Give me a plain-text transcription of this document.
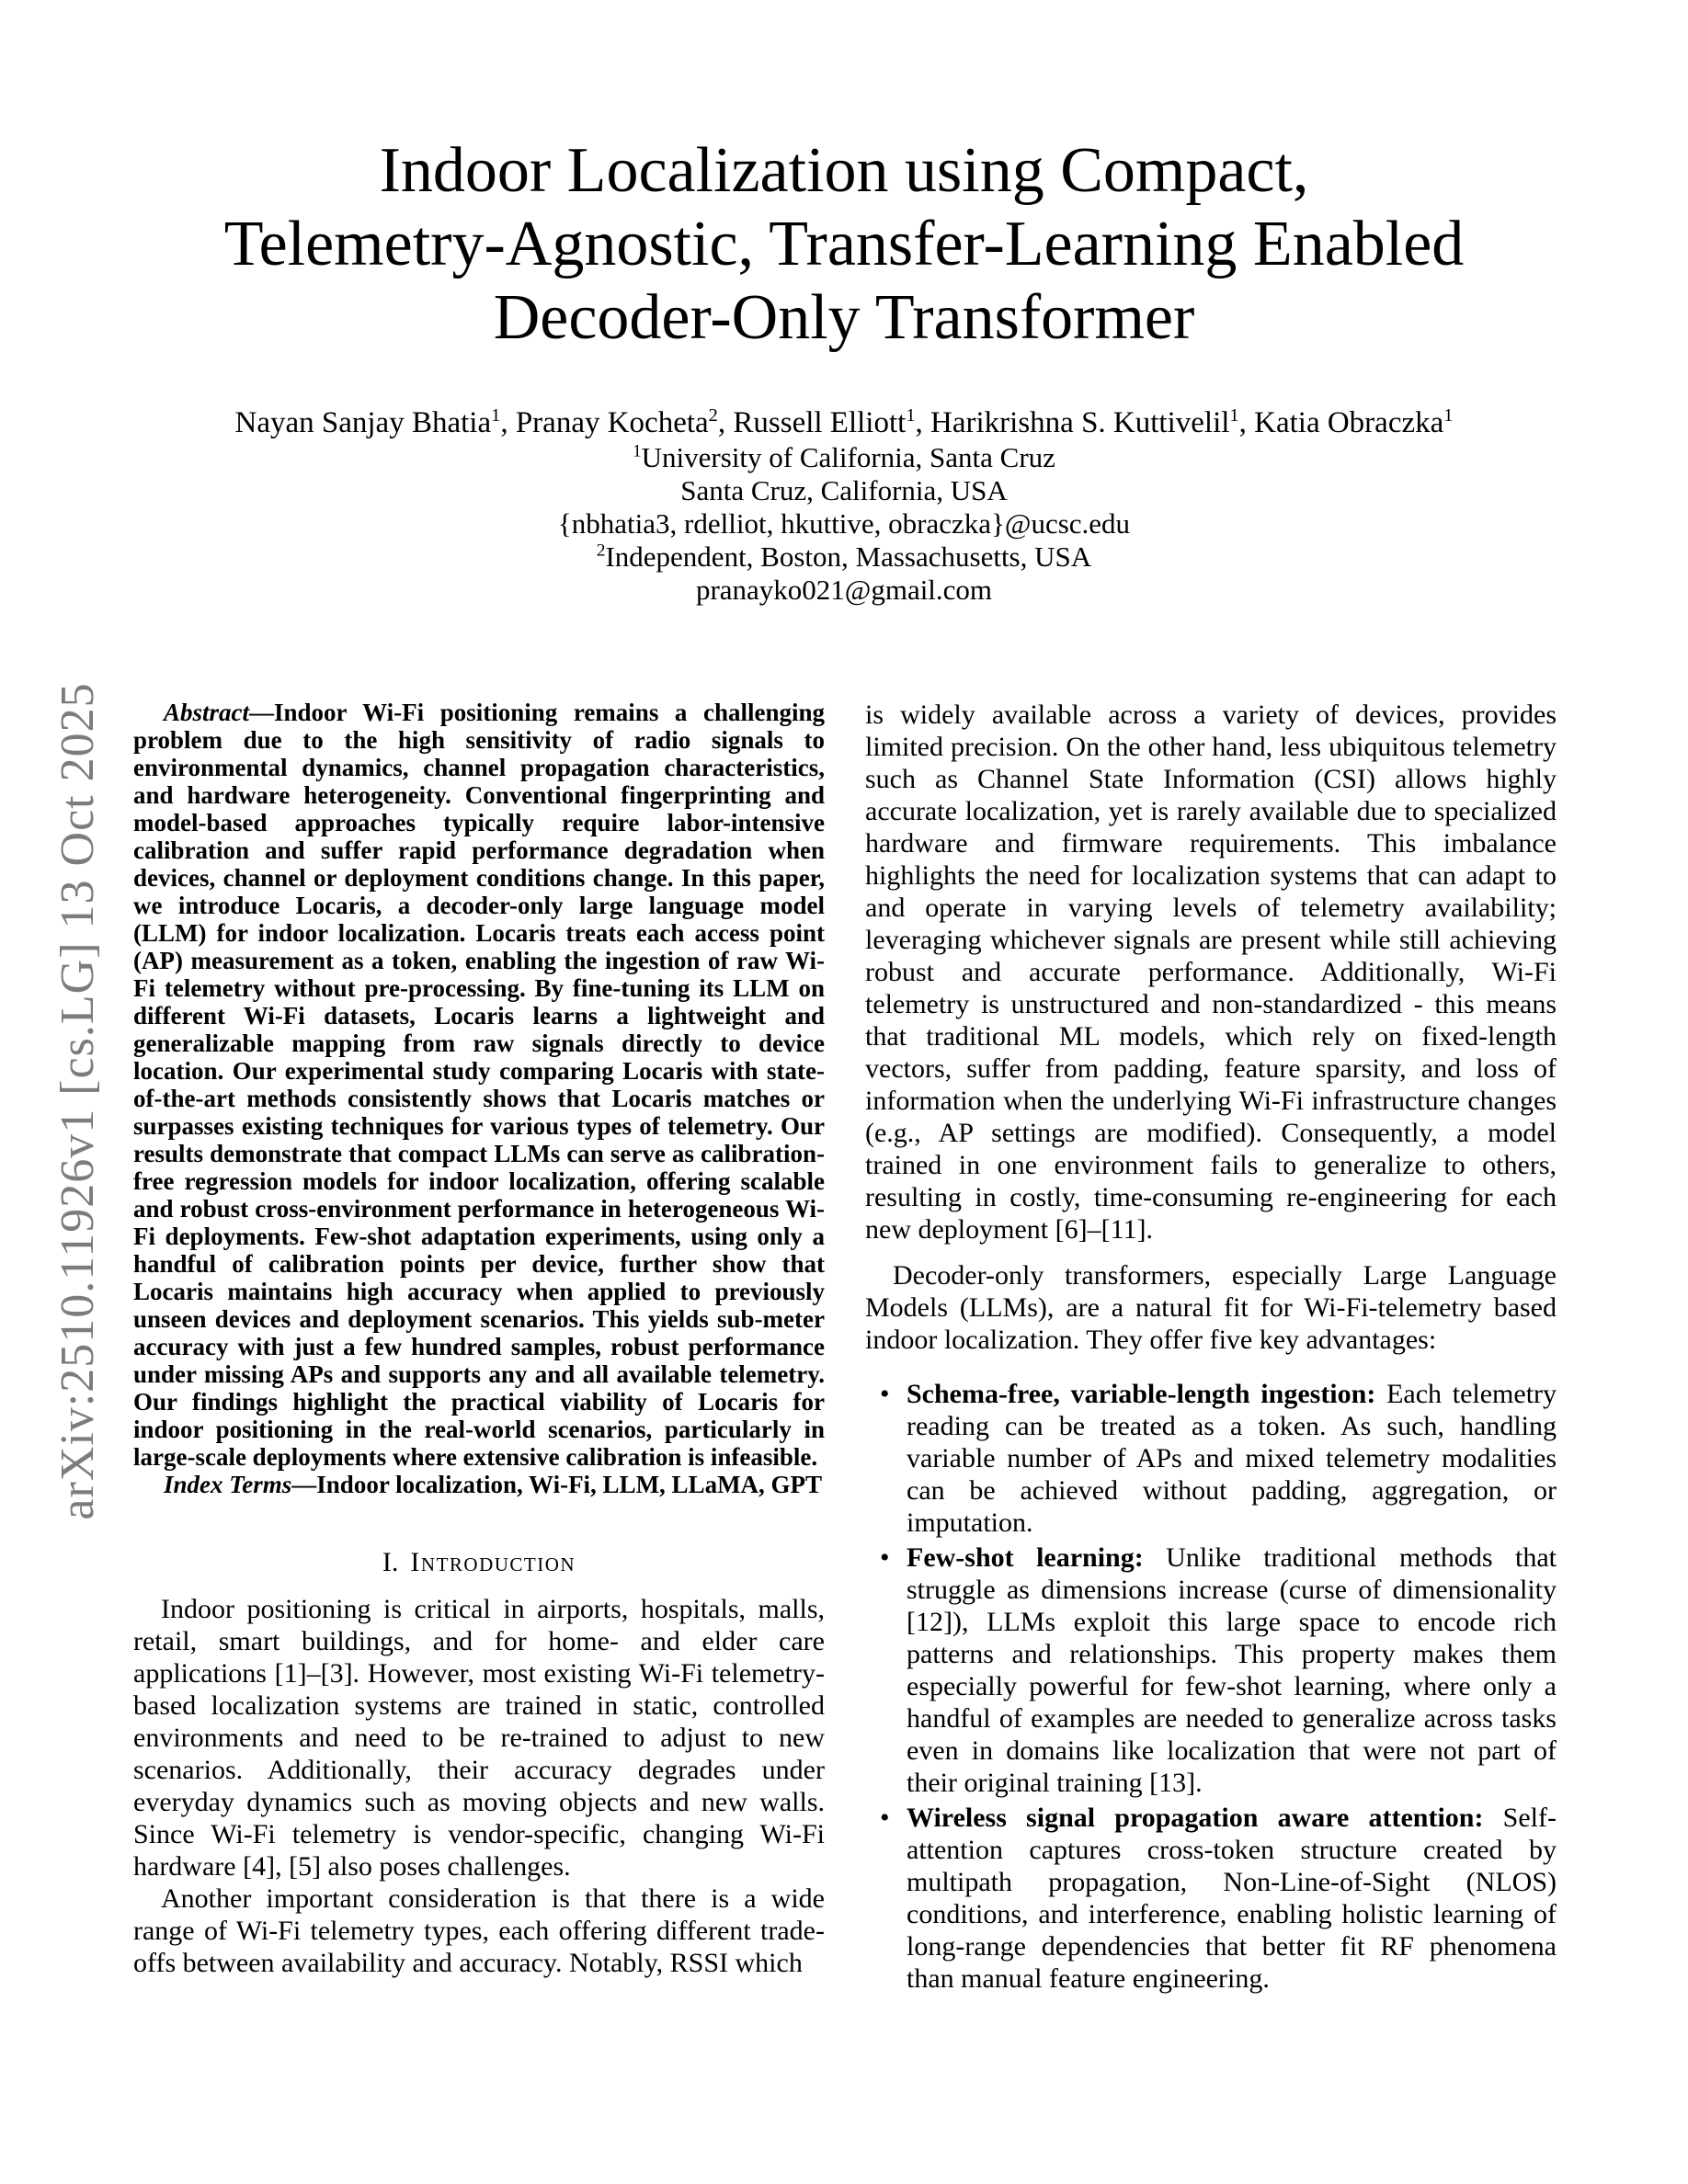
arXiv:2510.11926v1 [cs.LG] 13 Oct 2025
Indoor Localization using Compact,
Telemetry-Agnostic, Transfer-Learning Enabled
Decoder-Only Transformer
Nayan Sanjay Bhatia$^1$, Pranay Kocheta$^2$, Russell Elliott$^1$, Harikrishna S. Kuttivelil$^1$, Katia Obraczka$^1$
$^1$University of California, Santa Cruz
Santa Cruz, California, USA
{nbhatia3, rdelliot, hkuttive, obraczka}@ucsc.edu
$^2$Independent, Boston, Massachusetts, USA
pranayko021@gmail.com

Abstract—Indoor Wi-Fi positioning remains a challenging problem due to the high sensitivity of radio signals to environmental dynamics, channel propagation characteristics, and hardware heterogeneity. Conventional fingerprinting and model-based approaches typically require labor-intensive calibration and suffer rapid performance degradation when devices, channel or deployment conditions change. In this paper, we introduce Locaris, a decoder-only large language model (LLM) for indoor localization. Locaris treats each access point (AP) measurement as a token, enabling the ingestion of raw Wi-Fi telemetry without pre-processing. By fine-tuning its LLM on different Wi-Fi datasets, Locaris learns a lightweight and generalizable mapping from raw signals directly to device location. Our experimental study comparing Locaris with state-of-the-art methods consistently shows that Locaris matches or surpasses existing techniques for various types of telemetry. Our results demonstrate that compact LLMs can serve as calibration-free regression models for indoor localization, offering scalable and robust cross-environment performance in heterogeneous Wi-Fi deployments. Few-shot adaptation experiments, using only a handful of calibration points per device, further show that Locaris maintains high accuracy when applied to previously unseen devices and deployment scenarios. This yields sub-meter accuracy with just a few hundred samples, robust performance under missing APs and supports any and all available telemetry. Our findings highlight the practical viability of Locaris for indoor positioning in the real-world scenarios, particularly in large-scale deployments where extensive calibration is infeasible.

Index Terms—Indoor localization, Wi-Fi, LLM, LLaMA, GPT

I. Introduction

Indoor positioning is critical in airports, hospitals, malls, retail, smart buildings, and for home- and elder care applications [1]–[3]. However, most existing Wi-Fi telemetry-based localization systems are trained in static, controlled environments and need to be re-trained to adjust to new scenarios. Additionally, their accuracy degrades under everyday dynamics such as moving objects and new walls. Since Wi-Fi telemetry is vendor-specific, changing Wi-Fi hardware [4], [5] also poses challenges.

Another important consideration is that there is a wide range of Wi-Fi telemetry types, each offering different trade-offs between availability and accuracy. Notably, RSSI which

is widely available across a variety of devices, provides limited precision. On the other hand, less ubiquitous telemetry such as Channel State Information (CSI) allows highly accurate localization, yet is rarely available due to specialized hardware and firmware requirements. This imbalance highlights the need for localization systems that can adapt to and operate in varying levels of telemetry availability; leveraging whichever signals are present while still achieving robust and accurate performance. Additionally, Wi-Fi telemetry is unstructured and non-standardized - this means that traditional ML models, which rely on fixed-length vectors, suffer from padding, feature sparsity, and loss of information when the underlying Wi-Fi infrastructure changes (e.g., AP settings are modified). Consequently, a model trained in one environment fails to generalize to others, resulting in costly, time-consuming re-engineering for each new deployment [6]–[11].

Decoder-only transformers, especially Large Language Models (LLMs), are a natural fit for Wi-Fi-telemetry based indoor localization. They offer five key advantages:

• Schema-free, variable-length ingestion: Each telemetry reading can be treated as a token. As such, handling variable number of APs and mixed telemetry modalities can be achieved without padding, aggregation, or imputation.
• Few-shot learning: Unlike traditional methods that struggle as dimensions increase (curse of dimensionality [12]), LLMs exploit this large space to encode rich patterns and relationships. This property makes them especially powerful for few-shot learning, where only a handful of examples are needed to generalize across tasks even in domains like localization that were not part of their original training [13].
• Wireless signal propagation aware attention: Self-attention captures cross-token structure created by multipath propagation, Non-Line-of-Sight (NLOS) conditions, and interference, enabling holistic learning of long-range dependencies that better fit RF phenomena than manual feature engineering.
